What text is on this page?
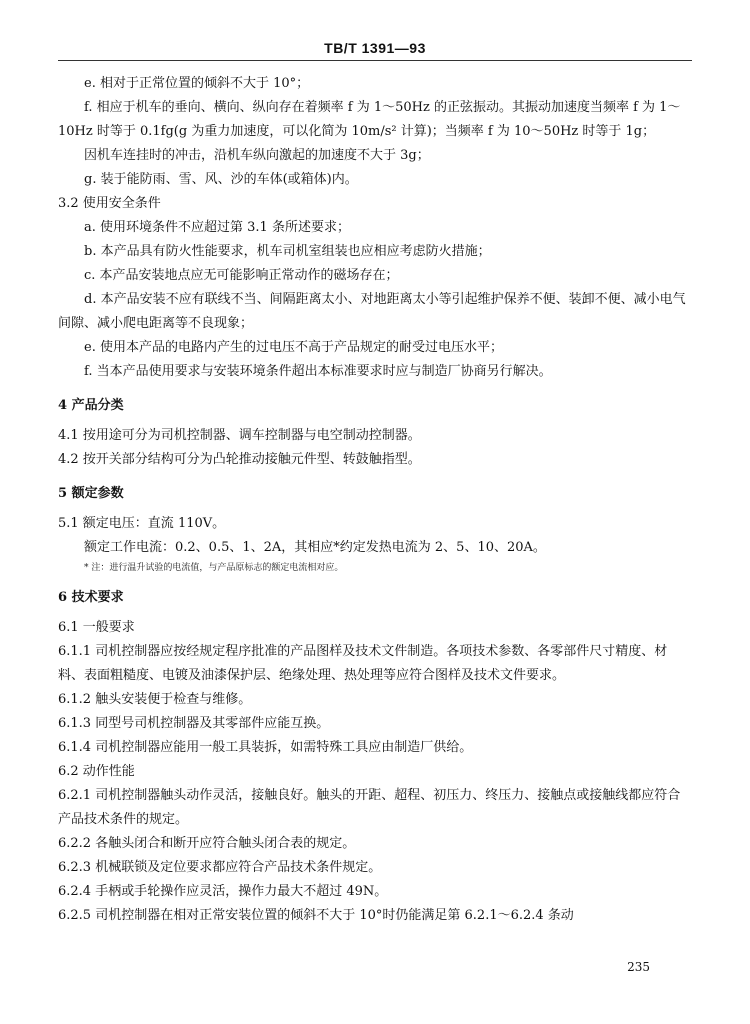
TB/T 1391—93

e. 相对于正常位置的倾斜不大于 10°；

f. 相应于机车的垂向、横向、纵向存在着频率 f 为 1～50Hz 的正弦振动。其振动加速度当频率 f 为 1～10Hz 时等于 0.1fg(g 为重力加速度，可以化简为 10m/s² 计算)；当频率 f 为 10～50Hz 时等于 1g；

因机车连挂时的冲击，沿机车纵向激起的加速度不大于 3g；

g. 装于能防雨、雪、风、沙的车体(或箱体)内。

3.2 使用安全条件

a. 使用环境条件不应超过第 3.1 条所述要求；

b. 本产品具有防火性能要求，机车司机室组装也应相应考虑防火措施；

c. 本产品安装地点应无可能影响正常动作的磁场存在；

d. 本产品安装不应有联线不当、间隔距离太小、对地距离太小等引起维护保养不便、装卸不便、减小电气间隙、减小爬电距离等不良现象；

e. 使用本产品的电路内产生的过电压不高于产品规定的耐受过电压水平；

f. 当本产品使用要求与安装环境条件超出本标准要求时应与制造厂协商另行解决。

4 产品分类

4.1 按用途可分为司机控制器、调车控制器与电空制动控制器。

4.2 按开关部分结构可分为凸轮推动接触元件型、转鼓触指型。

5 额定参数

5.1 额定电压：直流 110V。

额定工作电流：0.2、0.5、1、2A，其相应*约定发热电流为 2、5、10、20A。

* 注：进行温升试验的电流值，与产品原标志的额定电流相对应。

6 技术要求

6.1 一般要求

6.1.1 司机控制器应按经规定程序批准的产品图样及技术文件制造。各项技术参数、各零部件尺寸精度、材料、表面粗糙度、电镀及油漆保护层、绝缘处理、热处理等应符合图样及技术文件要求。

6.1.2 触头安装便于检查与维修。

6.1.3 同型号司机控制器及其零部件应能互换。

6.1.4 司机控制器应能用一般工具装拆，如需特殊工具应由制造厂供给。

6.2 动作性能

6.2.1 司机控制器触头动作灵活，接触良好。触头的开距、超程、初压力、终压力、接触点或接触线都应符合产品技术条件的规定。

6.2.2 各触头闭合和断开应符合触头闭合表的规定。

6.2.3 机械联锁及定位要求都应符合产品技术条件规定。

6.2.4 手柄或手轮操作应灵活，操作力最大不超过 49N。

6.2.5 司机控制器在相对正常安装位置的倾斜不大于 10°时仍能满足第 6.2.1～6.2.4 条动

235
